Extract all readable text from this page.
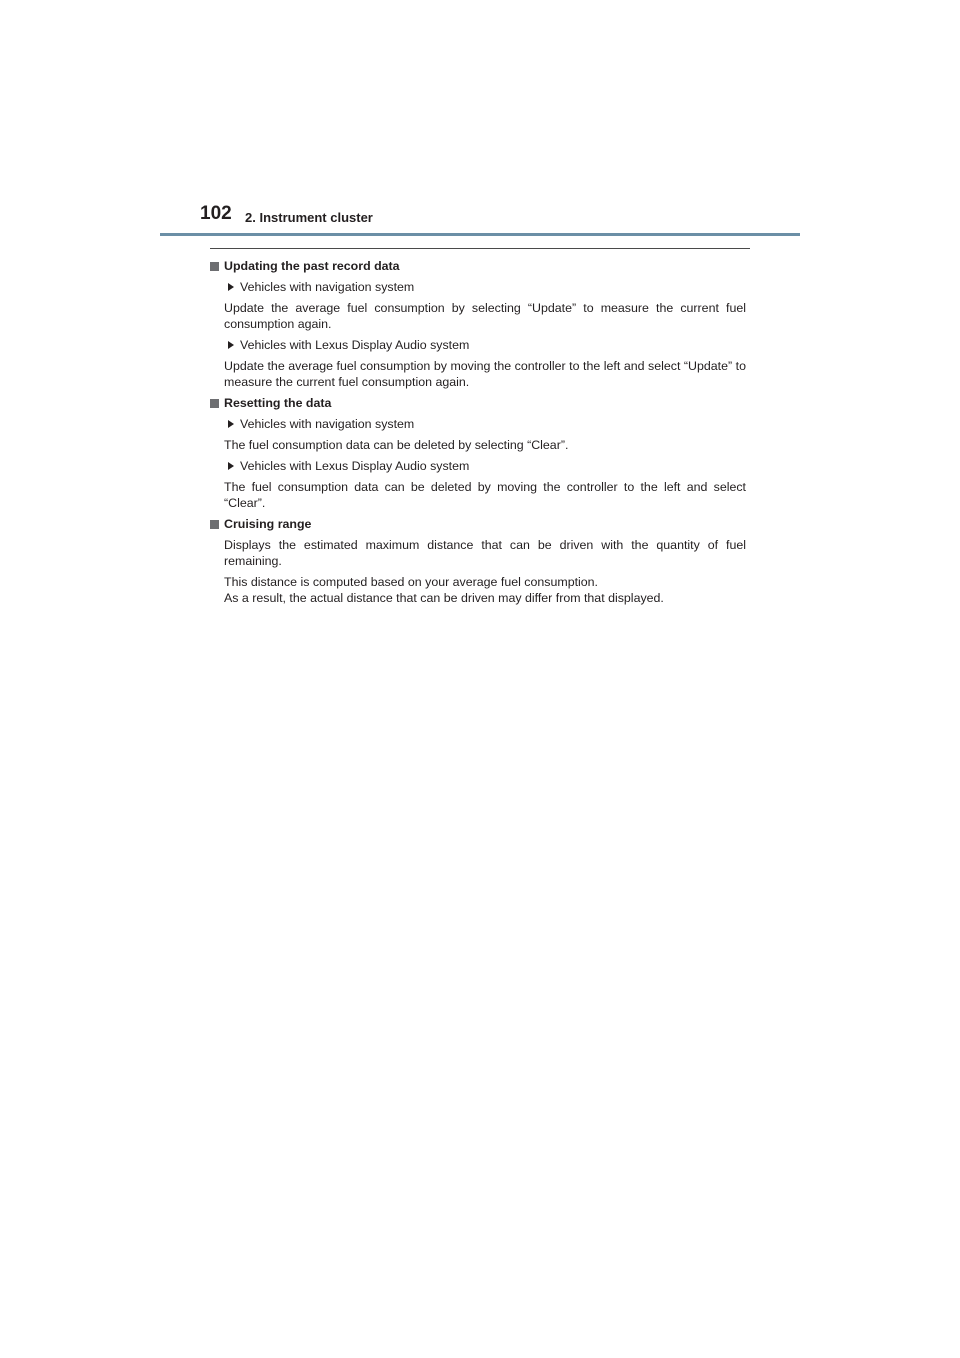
102 2. Instrument cluster
Updating the past record data
Vehicles with navigation system
Update the average fuel consumption by selecting “Update” to measure the current fuel consumption again.
Vehicles with Lexus Display Audio system
Update the average fuel consumption by moving the controller to the left and select “Update” to measure the current fuel consumption again.
Resetting the data
Vehicles with navigation system
The fuel consumption data can be deleted by selecting “Clear”.
Vehicles with Lexus Display Audio system
The fuel consumption data can be deleted by moving the controller to the left and select “Clear”.
Cruising range
Displays the estimated maximum distance that can be driven with the quantity of fuel remaining.
This distance is computed based on your average fuel consumption.
As a result, the actual distance that can be driven may differ from that displayed.
